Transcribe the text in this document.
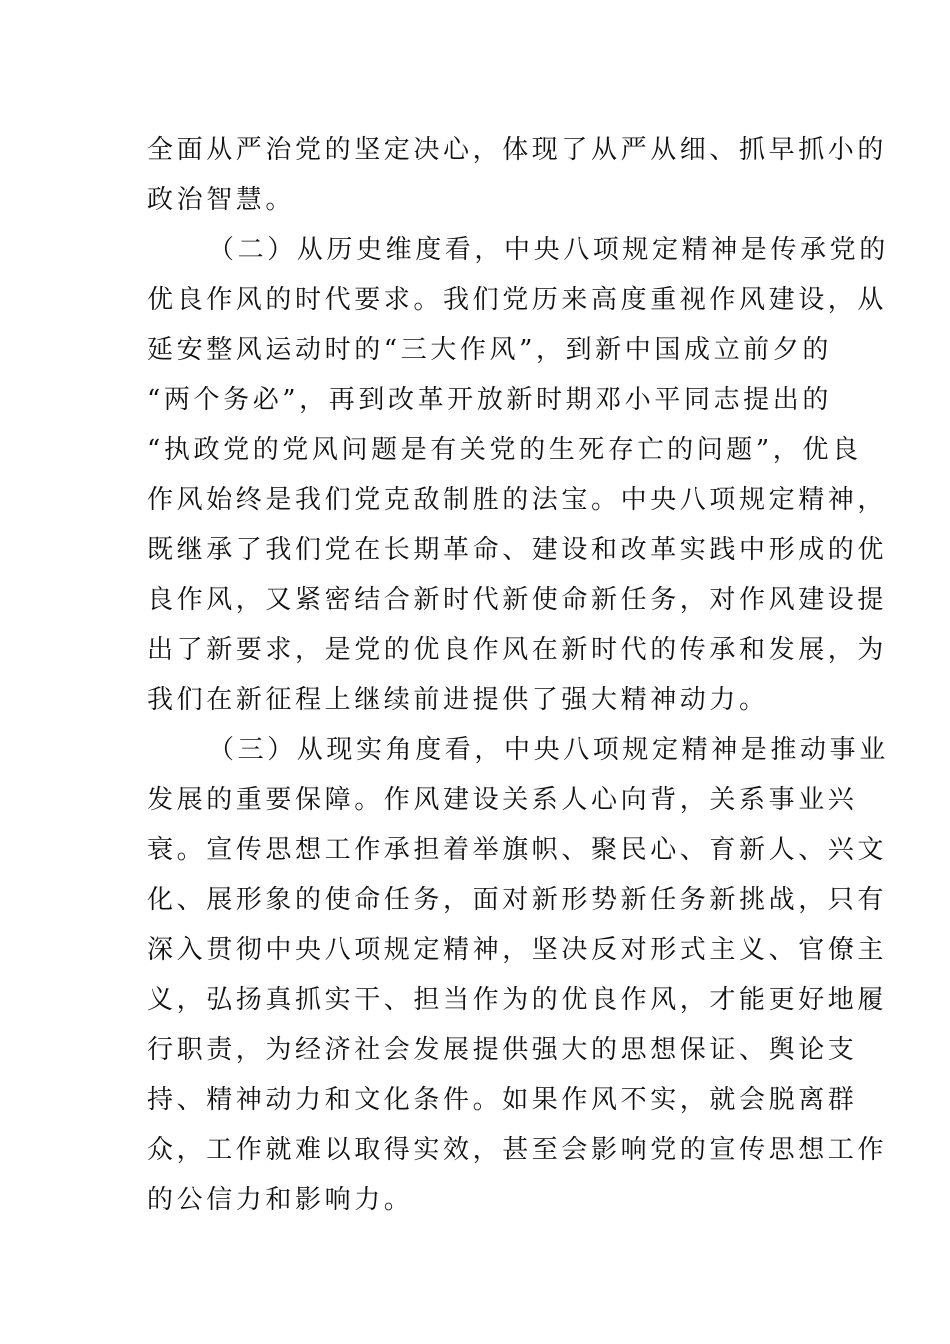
全面从严治党的坚定决心，体现了从严从细、抓早抓小的
政治智慧。
（二）从历史维度看，中央八项规定精神是传承党的
优良作风的时代要求。我们党历来高度重视作风建设，从
延安整风运动时的“三大作风”，到新中国成立前夕的
“两个务必”，再到改革开放新时期邓小平同志提出的
“执政党的党风问题是有关党的生死存亡的问题”，优良
作风始终是我们党克敌制胜的法宝。中央八项规定精神，
既继承了我们党在长期革命、建设和改革实践中形成的优
良作风，又紧密结合新时代新使命新任务，对作风建设提
出了新要求，是党的优良作风在新时代的传承和发展，为
我们在新征程上继续前进提供了强大精神动力。
（三）从现实角度看，中央八项规定精神是推动事业
发展的重要保障。作风建设关系人心向背，关系事业兴
衰。宣传思想工作承担着举旗帜、聚民心、育新人、兴文
化、展形象的使命任务，面对新形势新任务新挑战，只有
深入贯彻中央八项规定精神，坚决反对形式主义、官僚主
义，弘扬真抓实干、担当作为的优良作风，才能更好地履
行职责，为经济社会发展提供强大的思想保证、舆论支
持、精神动力和文化条件。如果作风不实，就会脱离群
众，工作就难以取得实效，甚至会影响党的宣传思想工作
的公信力和影响力。
